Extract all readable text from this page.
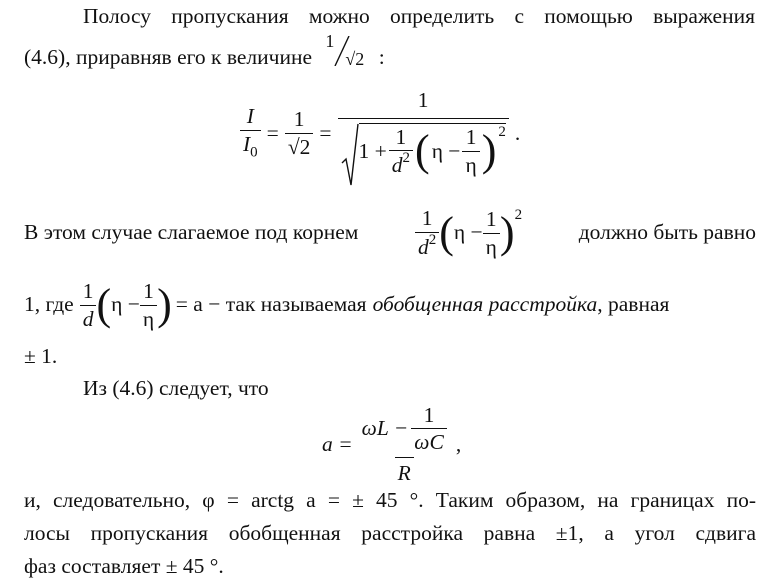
Полосу пропускания можно определить с помощью выражения
(4.6), приравняв его к величине
1
√2 :
$\frac{I}{I_0} = \frac{1}{√2}$ =
1
$1 + \frac{1}{d^2}$ ( $\eta - \frac{1}{\eta}$ ) 2 .
В этом случае слагаемое под корнем	$\frac{1}{d^2}$ ( $\eta - \frac{1}{\eta}$ ) 2
должно быть равно
1, где $\frac{1}{d}$ ( $\eta - \frac{1}{\eta}$ ) = a − так называемая обобщенная расстройка , равная
± 1.
Из (4.6) следует, что
$a = \frac{\omega L - \frac{1}{\omega C}}{R}$ ,
и, следовательно, φ = arctg a = ± 45 °. Таким образом, на границах по-
лосы пропускания обобщенная расстройка равна ±1, а угол сдвига
фаз составляет ± 45 °.
